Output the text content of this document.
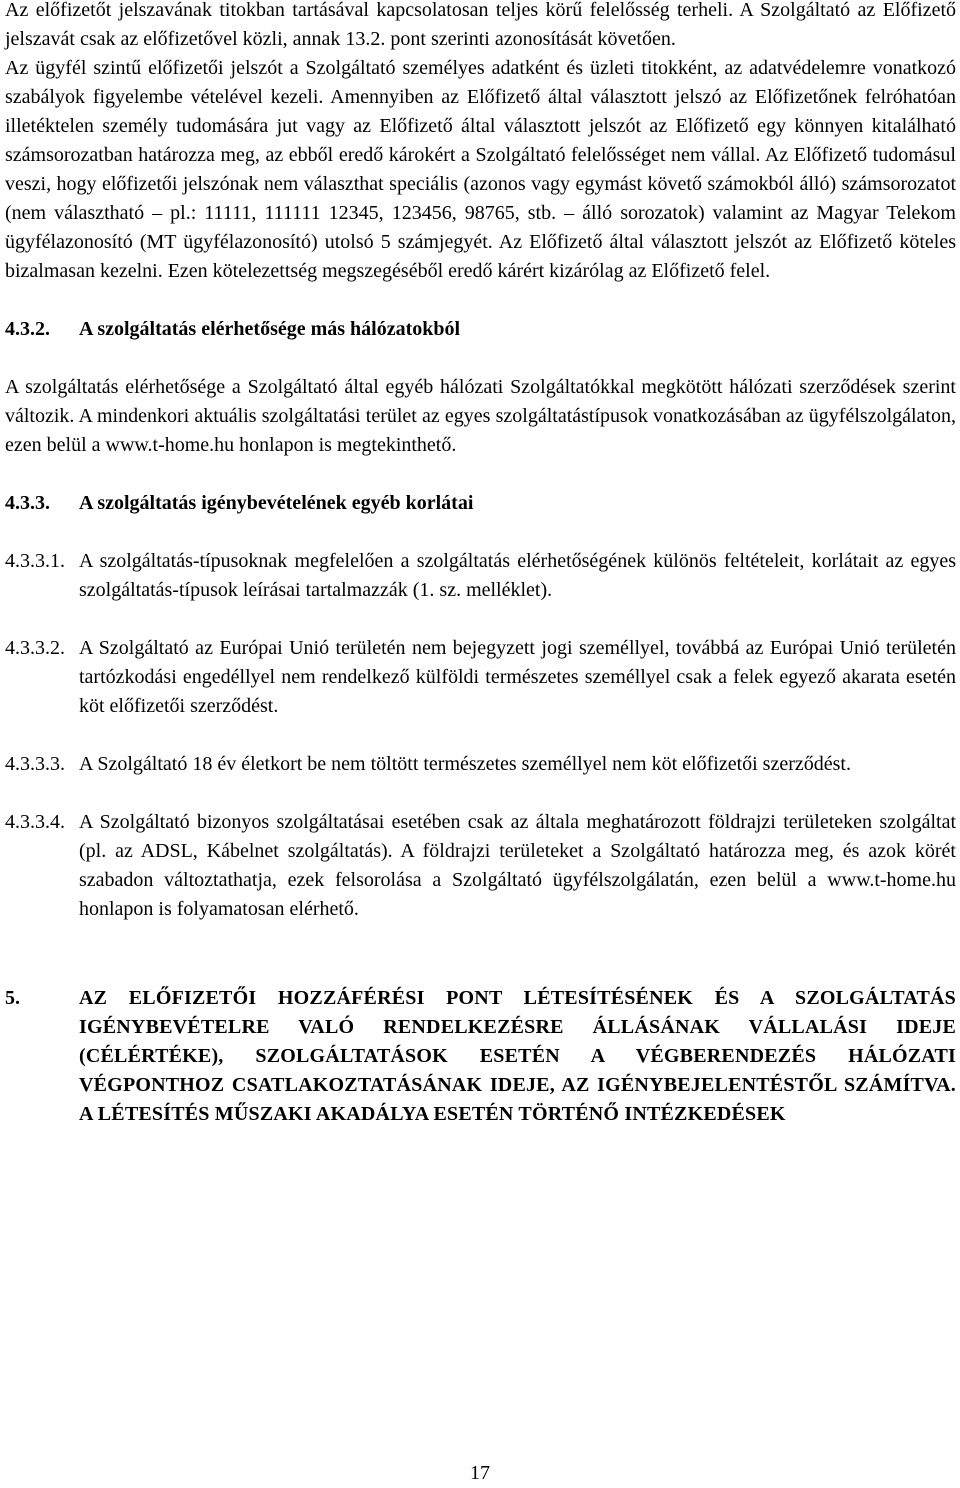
Az előfizetőt jelszavának titokban tartásával kapcsolatosan teljes körű felelősség terheli. A Szolgáltató az Előfizető jelszavát csak az előfizetővel közli, annak 13.2. pont szerinti azonosítását követően.

Az ügyfél szintű előfizetői jelszót a Szolgáltató személyes adatként és üzleti titokként, az adatvédelemre vonatkozó szabályok figyelembe vételével kezeli. Amennyiben az Előfizető által választott jelszó az Előfizetőnek felróhatóan illetéktelen személy tudomására jut vagy az Előfizető által választott jelszót az Előfizető egy könnyen kitalálható számsorozatban határozza meg, az ebből eredő károkért a Szolgáltató felelősséget nem vállal. Az Előfizető tudomásul veszi, hogy előfizetői jelszónak nem választhat speciális (azonos vagy egymást követő számokból álló) számsorozatot (nem választható – pl.: 11111, 111111 12345, 123456, 98765, stb. – álló sorozatok) valamint az Magyar Telekom ügyfélazonosító (MT ügyfélazonosító) utolsó 5 számjegyét. Az Előfizető által választott jelszót az Előfizető köteles bizalmasan kezelni. Ezen kötelezettség megszegéséből eredő kárért kizárólag az Előfizető felel.

4.3.2.	A szolgáltatás elérhetősége más hálózatokból

A szolgáltatás elérhetősége a Szolgáltató által egyéb hálózati Szolgáltatókkal megkötött hálózati szerződések szerint változik. A mindenkori aktuális szolgáltatási terület az egyes szolgáltatástípusok vonatkozásában az ügyfélszolgálaton, ezen belül a www.t-home.hu honlapon is megtekinthető.

4.3.3.	A szolgáltatás igénybevételének egyéb korlátai
4.3.3.1. A szolgáltatás-típusoknak megfelelően a szolgáltatás elérhetőségének különös feltételeit, korlátait az egyes szolgáltatás-típusok leírásai tartalmazzák (1. sz. melléklet).
4.3.3.2. A Szolgáltató az Európai Unió területén nem bejegyzett jogi személlyel, továbbá az Európai Unió területén tartózkodási engedéllyel nem rendelkező külföldi természetes személlyel csak a felek egyező akarata esetén köt előfizetői szerződést.
4.3.3.3. A Szolgáltató 18 év életkort be nem töltött természetes személlyel nem köt előfizetői szerződést.
4.3.3.4. A Szolgáltató bizonyos szolgáltatásai esetében csak az általa meghatározott földrajzi területeken szolgáltat (pl. az ADSL, Kábelnet szolgáltatás). A földrajzi területeket a Szolgáltató határozza meg, és azok körét szabadon változtathatja, ezek felsorolása a Szolgáltató ügyfélszolgálatán, ezen belül a www.t-home.hu honlapon is folyamatosan elérhető.
5.	AZ ELŐFIZETŐI HOZZÁFÉRÉSI PONT LÉTESÍTÉSÉNEK ÉS A SZOLGÁLTATÁS IGÉNYBEVÉTELRE VALÓ RENDELKEZÉSRE ÁLLÁSÁNAK VÁLLALÁSI IDEJE (CÉLÉRTÉKE), SZOLGÁLTATÁSOK ESETÉN A VÉGBERENDEZÉS HÁLÓZATI VÉGPONTHOZ CSATLAKOZTATÁSÁNAK IDEJE, AZ IGÉNYBEJELENTÉSTŐL SZÁMÍTVA. A LÉTESÍTÉS MŰSZAKI AKADÁLYA ESETÉN TÖRTÉNŐ INTÉZKEDÉSEK
17
